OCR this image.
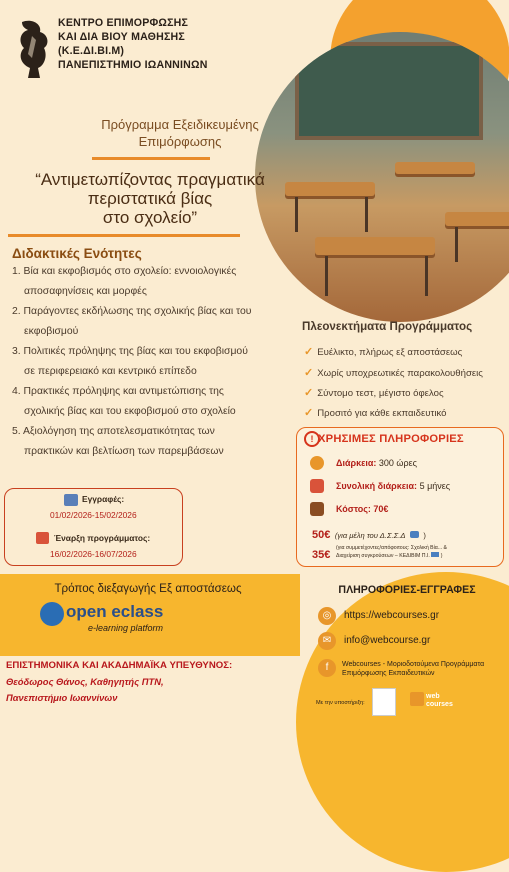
ΚΕΝΤΡΟ ΕΠΙΜΟΡΦΩΣΗΣ
ΚΑΙ ΔΙΑ ΒΙΟΥ ΜΑΘΗΣΗΣ
(Κ.Ε.ΔΙ.ΒΙ.Μ)
ΠΑΝΕΠΙΣΤΗΜΙΟ ΙΩΑΝΝΙΝΩΝ
Πρόγραμμα Εξειδικευμένης
Επιμόρφωσης
“Αντιμετωπίζοντας πραγματικά
περιστατικά βίας
στο σχολείο”
Διδακτικές Ενότητες
1. Βία και εκφοβισμός στο σχολείο: εννοιολογικές
αποσαφηνίσεις και μορφές
2. Παράγοντες εκδήλωσης της σχολικής βίας και του
εκφοβισμού
3. Πολιτικές πρόληψης της βίας και του εκφοβισμού
σε περιφερειακό και κεντρικό επίπεδο
4. Πρακτικές πρόληψης και αντιμετώπισης της
σχολικής βίας και του εκφοβισμού στο σχολείο
5. Αξιολόγηση της αποτελεσματικότητας των
πρακτικών και βελτίωση των παρεμβάσεων
Πλεονεκτήματα Προγράμματος
✓ Ευέλικτο, πλήρως εξ αποστάσεως
✓ Χωρίς υποχρεωτικές παρακολουθήσεις
✓ Σύντομο τεστ, μέγιστο όφελος
✓ Προσιτό για κάθε εκπαιδευτικό
! ΧΡΗΣΙΜΕΣ ΠΛΗΡΟΦΟΡΙΕΣ
Διάρκεια: 300 ώρες
Συνολική διάρκεια: 5 μήνες
Κόστος: 70€
50€ (για μέλη του Δ.Σ.Σ.Δ )
35€
(για συμμετέχοντες/απόφοιτους: Σχολική Βία... &
Διαχείριση συγκρούσεων – ΚΕΔΙΒΙΜ Π.Ι. )
Εγγραφές:
01/02/2026-15/02/2026
Έναρξη προγράμματος:
16/02/2026-16/07/2026
Τρόπος διεξαγωγής Εξ αποστάσεως
open eclass
e-learning platform
ΕΠΙΣΤΗΜΟΝΙΚΑ ΚΑΙ ΑΚΑΔΗΜΑΪΚΑ ΥΠΕΥΘΥΝΟΣ:
Θεόδωρος Θάνος, Καθηγητής ΠΤΝ,
Πανεπιστήμιο Ιωαννίνων
ΠΛΗΡΟΦΟΡΙΕΣ-ΕΓΓΡΑΦΕΣ
◎	https://webcourses.gr
✉	info@webcourse.gr
f	Webcourses - Μοριοδοτούμενα Προγράμματα
Επιμόρφωσης Εκπαιδευτικών
Με την υποστήριξη:
web courses
